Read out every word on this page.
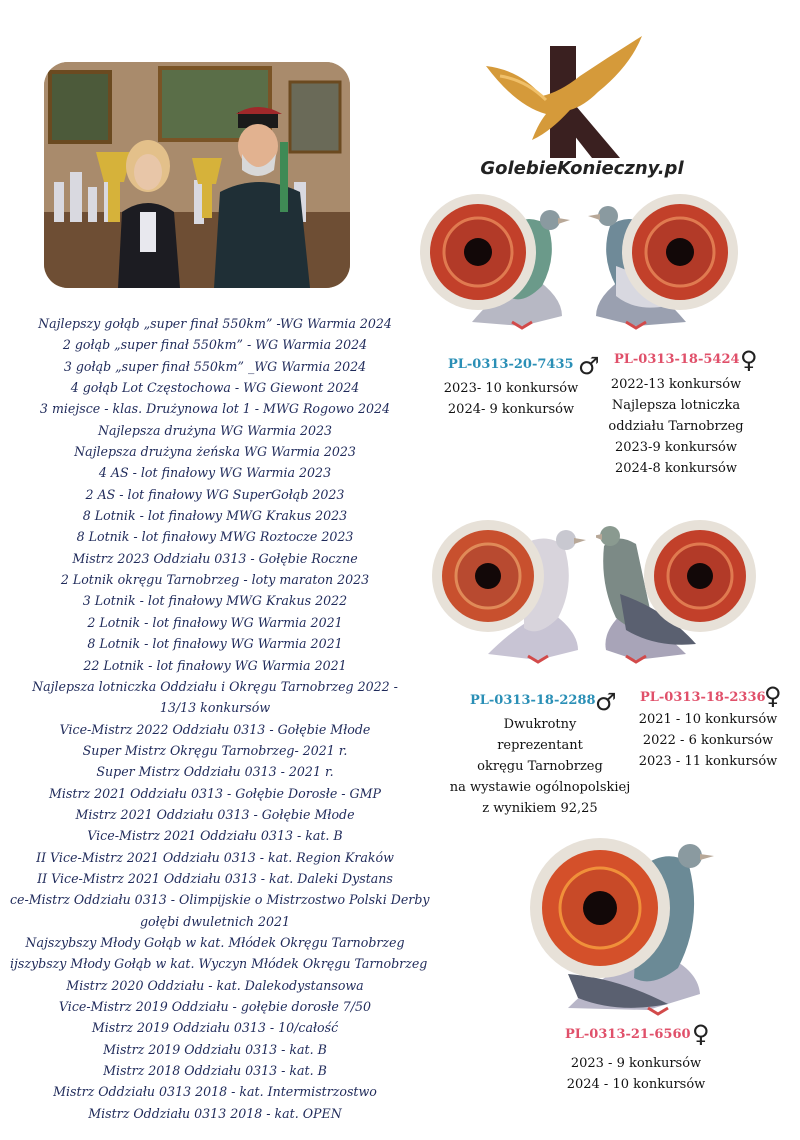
Najlepszy gołąb „super finał 550km” -WG Warmia 2024
2 gołąb „super finał 550km” - WG Warmia 2024
3 gołąb „super finał 550km” _WG Warmia 2024
4 gołąb Lot Częstochowa - WG Giewont 2024
3 miejsce - klas. Drużynowa lot 1 - MWG Rogowo 2024
Najlepsza drużyna WG Warmia 2023
Najlepsza drużyna żeńska WG Warmia 2023
4 AS - lot finałowy WG Warmia 2023
2 AS - lot finałowy WG SuperGołąb 2023
8 Lotnik - lot finałowy MWG Krakus 2023
8 Lotnik - lot finałowy MWG Roztocze 2023
Mistrz 2023 Oddziału 0313 - Gołębie Roczne
2 Lotnik okręgu Tarnobrzeg - loty maraton 2023
3 Lotnik - lot finałowy MWG Krakus 2022
2 Lotnik - lot finałowy WG Warmia 2021
8 Lotnik - lot finałowy WG Warmia 2021
22 Lotnik - lot finałowy WG Warmia 2021
Najlepsza lotniczka Oddziału i Okręgu Tarnobrzeg 2022 -
13/13 konkursów
Vice-Mistrz 2022 Oddziału 0313 - Gołębie Młode
Super Mistrz Okręgu Tarnobrzeg- 2021 r.
Super Mistrz Oddziału 0313 - 2021 r.
Mistrz 2021 Oddziału 0313 - Gołębie Dorosłe - GMP
Mistrz 2021 Oddziału 0313 - Gołębie Młode
Vice-Mistrz 2021 Oddziału 0313 - kat. B
II Vice-Mistrz 2021 Oddziału 0313 - kat. Region Kraków
II Vice-Mistrz 2021 Oddziału 0313 - kat. Daleki Dystans
ce-Mistrz Oddziału 0313 - Olimpijskie o Mistrzostwo Polski Derby
gołębi dwuletnich 2021
Najszybszy Młody Gołąb w kat. Młódek Okręgu Tarnobrzeg
ijszybszy Młody Gołąb w kat. Wyczyn Młódek Okręgu Tarnobrzeg
Mistrz 2020 Oddziału - kat. Dalekodystansowa
Vice-Mistrz 2019 Oddziału - gołębie dorosłe 7/50
Mistrz 2019 Oddziału 0313 - 10/całość
Mistrz 2019 Oddziału 0313 - kat. B
Mistrz 2018 Oddziału 0313 - kat. B
Mistrz Oddziału 0313 2018 - kat. Intermistrzostwo
Mistrz Oddziału 0313 2018 - kat. OPEN
GolebieKonieczny.pl
PL-0313-20-7435 ♂
2023- 10 konkursów
2024- 9 konkursów
PL-0313-18-5424 ♀
2022-13 konkursów
Najlepsza lotniczka
oddziału Tarnobrzeg
2023-9 konkursów
2024-8 konkursów
PL-0313-18-2288 ♂
Dwukrotny
reprezentant
okręgu Tarnobrzeg
na wystawie ogólnopolskiej
z wynikiem 92,25
PL-0313-18-2336
♀
2021 - 10 konkursów
2022 - 6 konkursów
2023 - 11 konkursów
PL-0313-21-6560 ♀
2023 - 9 konkursów
2024 - 10 konkursów
